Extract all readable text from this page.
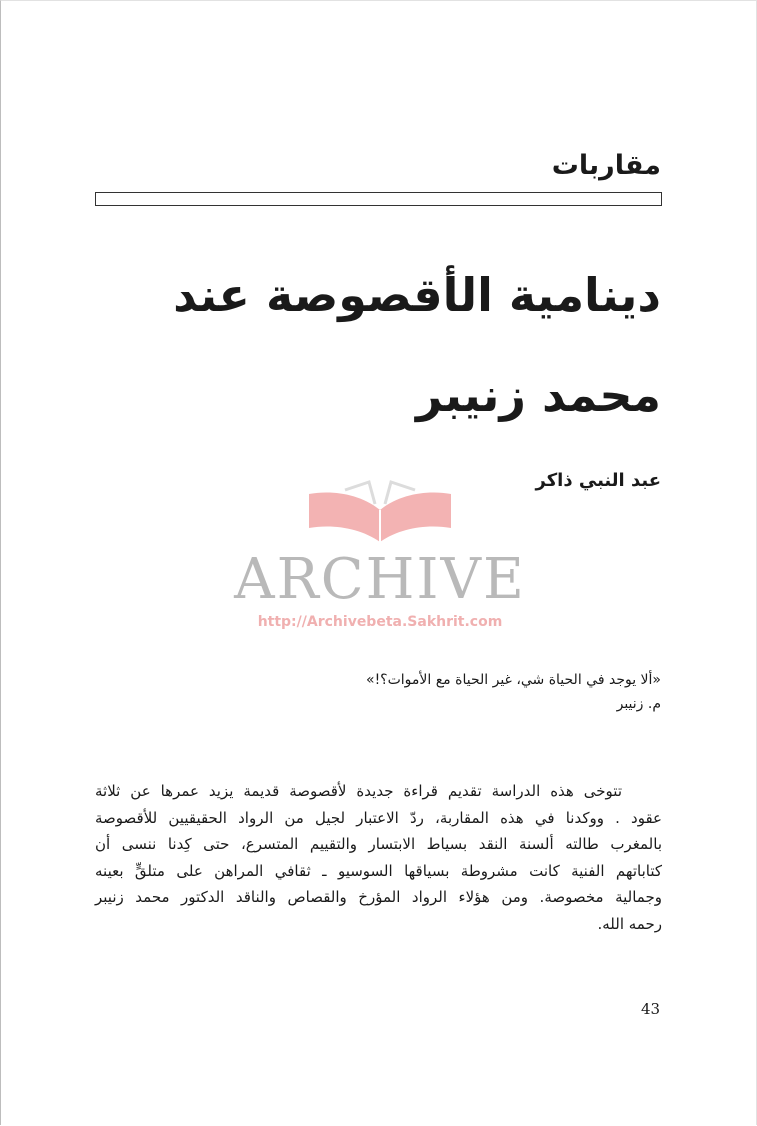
مقاربات
دينامية الأقصوصة عند
محمد زنيبر
عبد النبي ذاكر
ARCHIVE
http://Archivebeta.Sakhrit.com
«ألا يوجد في الحياة شي، غير الحياة مع الأموات؟!»
م. زنيبر

تتوخى هذه الدراسة تقديم قراءة جديدة لأقصوصة قديمة يزيد عمرها عن ثلاثة
عقود . ووكدنا في هذه المقاربة، ردّ الاعتبار لجيل من الرواد الحقيقيين للأقصوصة
بالمغرب طالته ألسنة النقد بسياط الابتسار والتقييم المتسرع، حتى كِدنا ننسى أن
كتاباتهم الفنية كانت مشروطة بسياقها السوسيو ـ ثقافي المراهن على متلقٍّ بعينه
وجمالية مخصوصة. ومن هؤلاء الرواد المؤرخ والقصاص والناقد الدكتور محمد زنيبر
رحمه الله.

43
